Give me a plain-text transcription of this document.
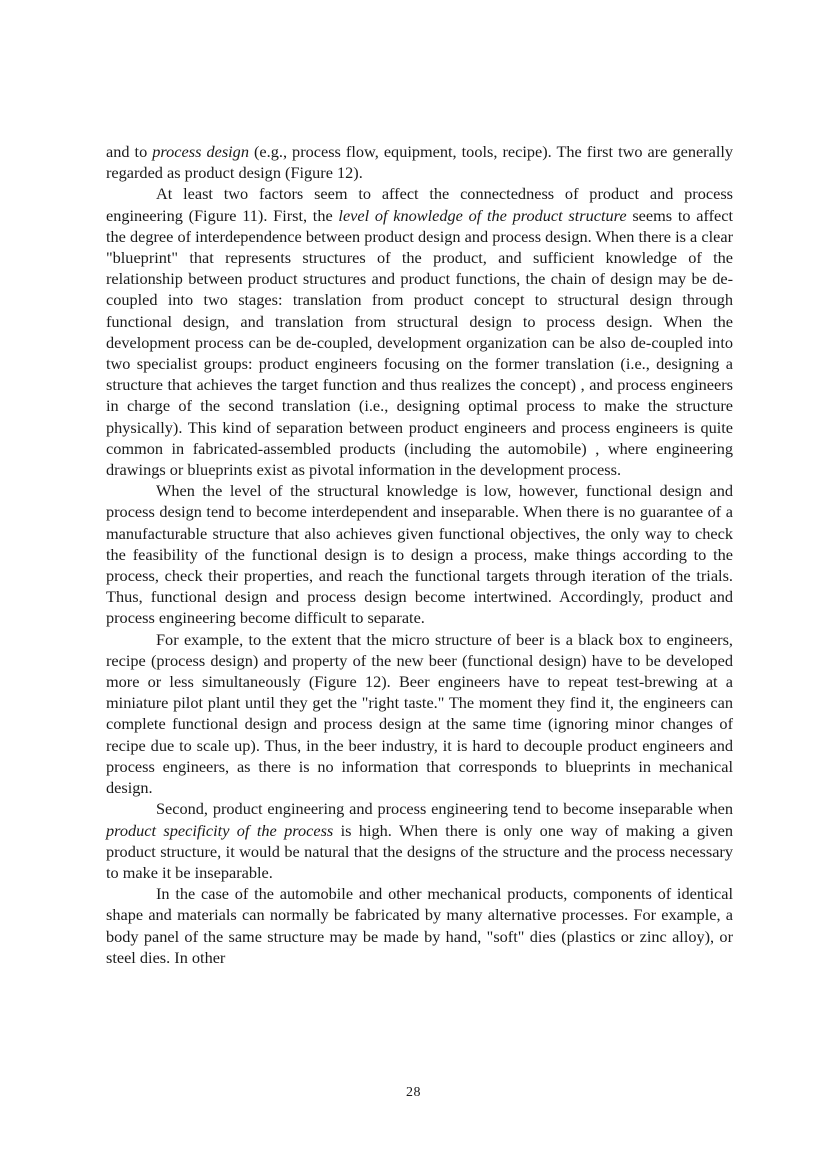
and to process design (e.g., process flow, equipment, tools, recipe). The first two are generally regarded as product design (Figure 12).

At least two factors seem to affect the connectedness of product and process engineering (Figure 11). First, the level of knowledge of the product structure seems to affect the degree of interdependence between product design and process design. When there is a clear "blueprint" that represents structures of the product, and sufficient knowledge of the relationship between product structures and product functions, the chain of design may be de-coupled into two stages: translation from product concept to structural design through functional design, and translation from structural design to process design. When the development process can be de-coupled, development organization can be also de-coupled into two specialist groups: product engineers focusing on the former translation (i.e., designing a structure that achieves the target function and thus realizes the concept) , and process engineers in charge of the second translation (i.e., designing optimal process to make the structure physically). This kind of separation between product engineers and process engineers is quite common in fabricated-assembled products (including the automobile) , where engineering drawings or blueprints exist as pivotal information in the development process.

When the level of the structural knowledge is low, however, functional design and process design tend to become interdependent and inseparable. When there is no guarantee of a manufacturable structure that also achieves given functional objectives, the only way to check the feasibility of the functional design is to design a process, make things according to the process, check their properties, and reach the functional targets through iteration of the trials. Thus, functional design and process design become intertwined. Accordingly, product and process engineering become difficult to separate.

For example, to the extent that the micro structure of beer is a black box to engineers, recipe (process design) and property of the new beer (functional design) have to be developed more or less simultaneously (Figure 12). Beer engineers have to repeat test-brewing at a miniature pilot plant until they get the "right taste." The moment they find it, the engineers can complete functional design and process design at the same time (ignoring minor changes of recipe due to scale up). Thus, in the beer industry, it is hard to decouple product engineers and process engineers, as there is no information that corresponds to blueprints in mechanical design.

Second, product engineering and process engineering tend to become inseparable when product specificity of the process is high. When there is only one way of making a given product structure, it would be natural that the designs of the structure and the process necessary to make it be inseparable.

In the case of the automobile and other mechanical products, components of identical shape and materials can normally be fabricated by many alternative processes. For example, a body panel of the same structure may be made by hand, "soft" dies (plastics or zinc alloy), or steel dies. In other

28
